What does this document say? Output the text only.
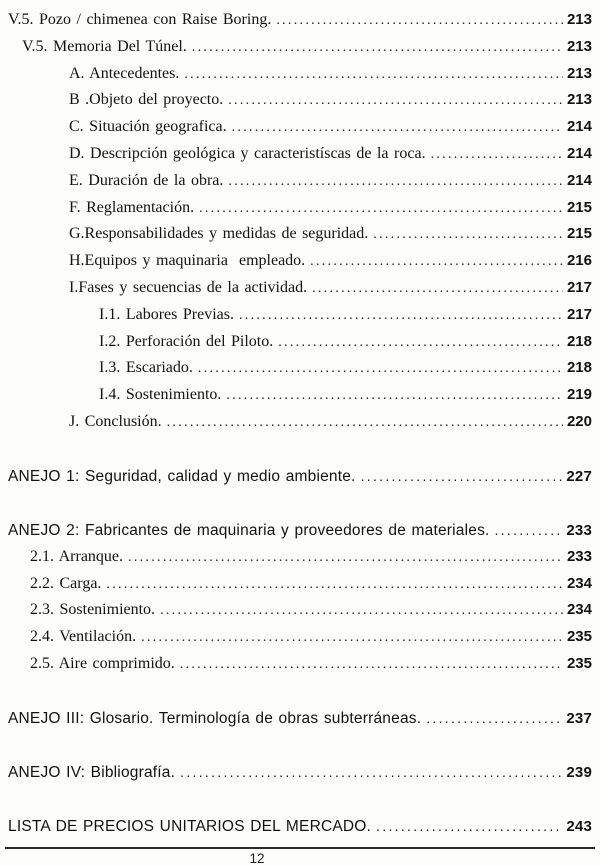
V.5. Pozo / chimenea con Raise Boring. .....	213
V.5. Memoria Del Túnel. .....	213
A. Antecedentes. .....	213
B .Objeto del proyecto. .....	213
C. Situación geografica. .....	214
D. Descripción geológica y caracteristíscas de la roca. .....	214
E. Duración de la obra. .....	214
F. Reglamentación. .....	215
G.Responsabilidades y medidas de seguridad. .....	215
H.Equipos y maquinaria  empleado. .....	216
I.Fases y secuencias de la actividad. .....	217
I.1. Labores Previas. .....	217
I.2. Perforación del Piloto. .....	218
I.3. Escariado. .....	218
I.4. Sostenimiento. .....	219
J. Conclusión. .....	220
ANEJO 1: Seguridad, calidad y medio ambiente. .....	227
ANEJO 2: Fabricantes de maquinaria y proveedores de materiales. .....	233
2.1. Arranque. .....	233
2.2. Carga. .....	234
2.3. Sostenimiento. .....	234
2.4. Ventilación. .....	235
2.5. Aire comprimido. .....	235
ANEJO III: Glosario. Terminología de obras subterráneas. .....	237
ANEJO IV: Bibliografía. .....	239
LISTA DE PRECIOS UNITARIOS DEL MERCADO. .....	243
12
